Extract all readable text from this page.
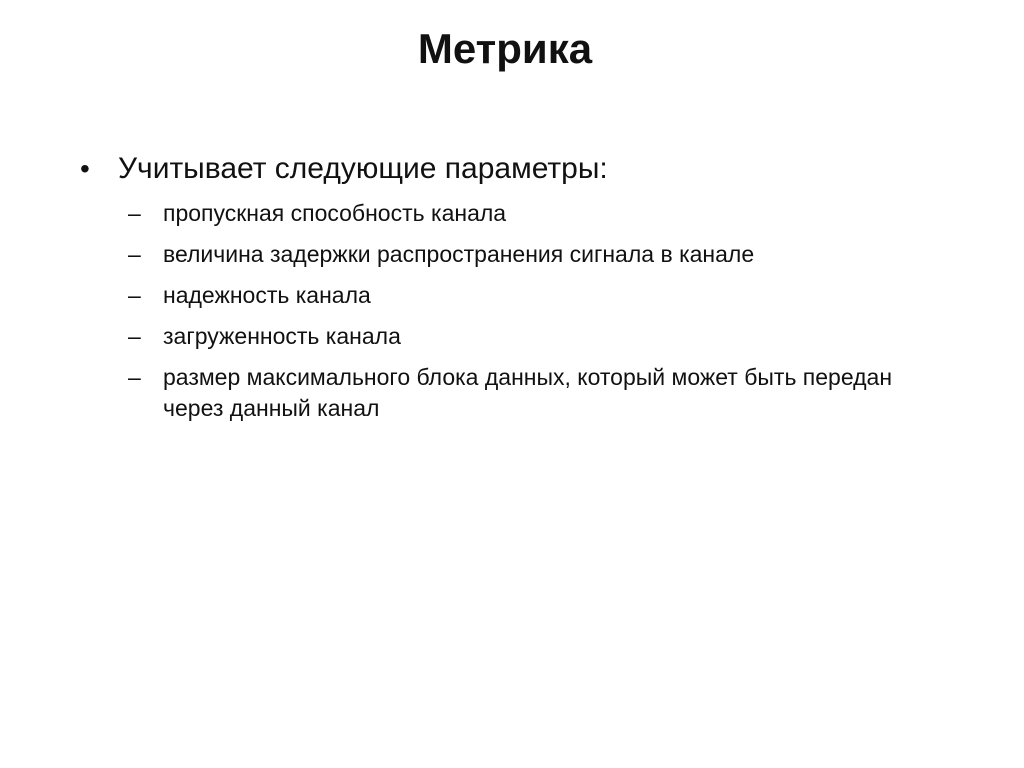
Метрика
• Учитывает следующие параметры:
– пропускная способность канала
– величина задержки распространения сигнала в канале
– надежность канала
– загруженность канала
– размер максимального блока данных, который может быть передан через данный канал
